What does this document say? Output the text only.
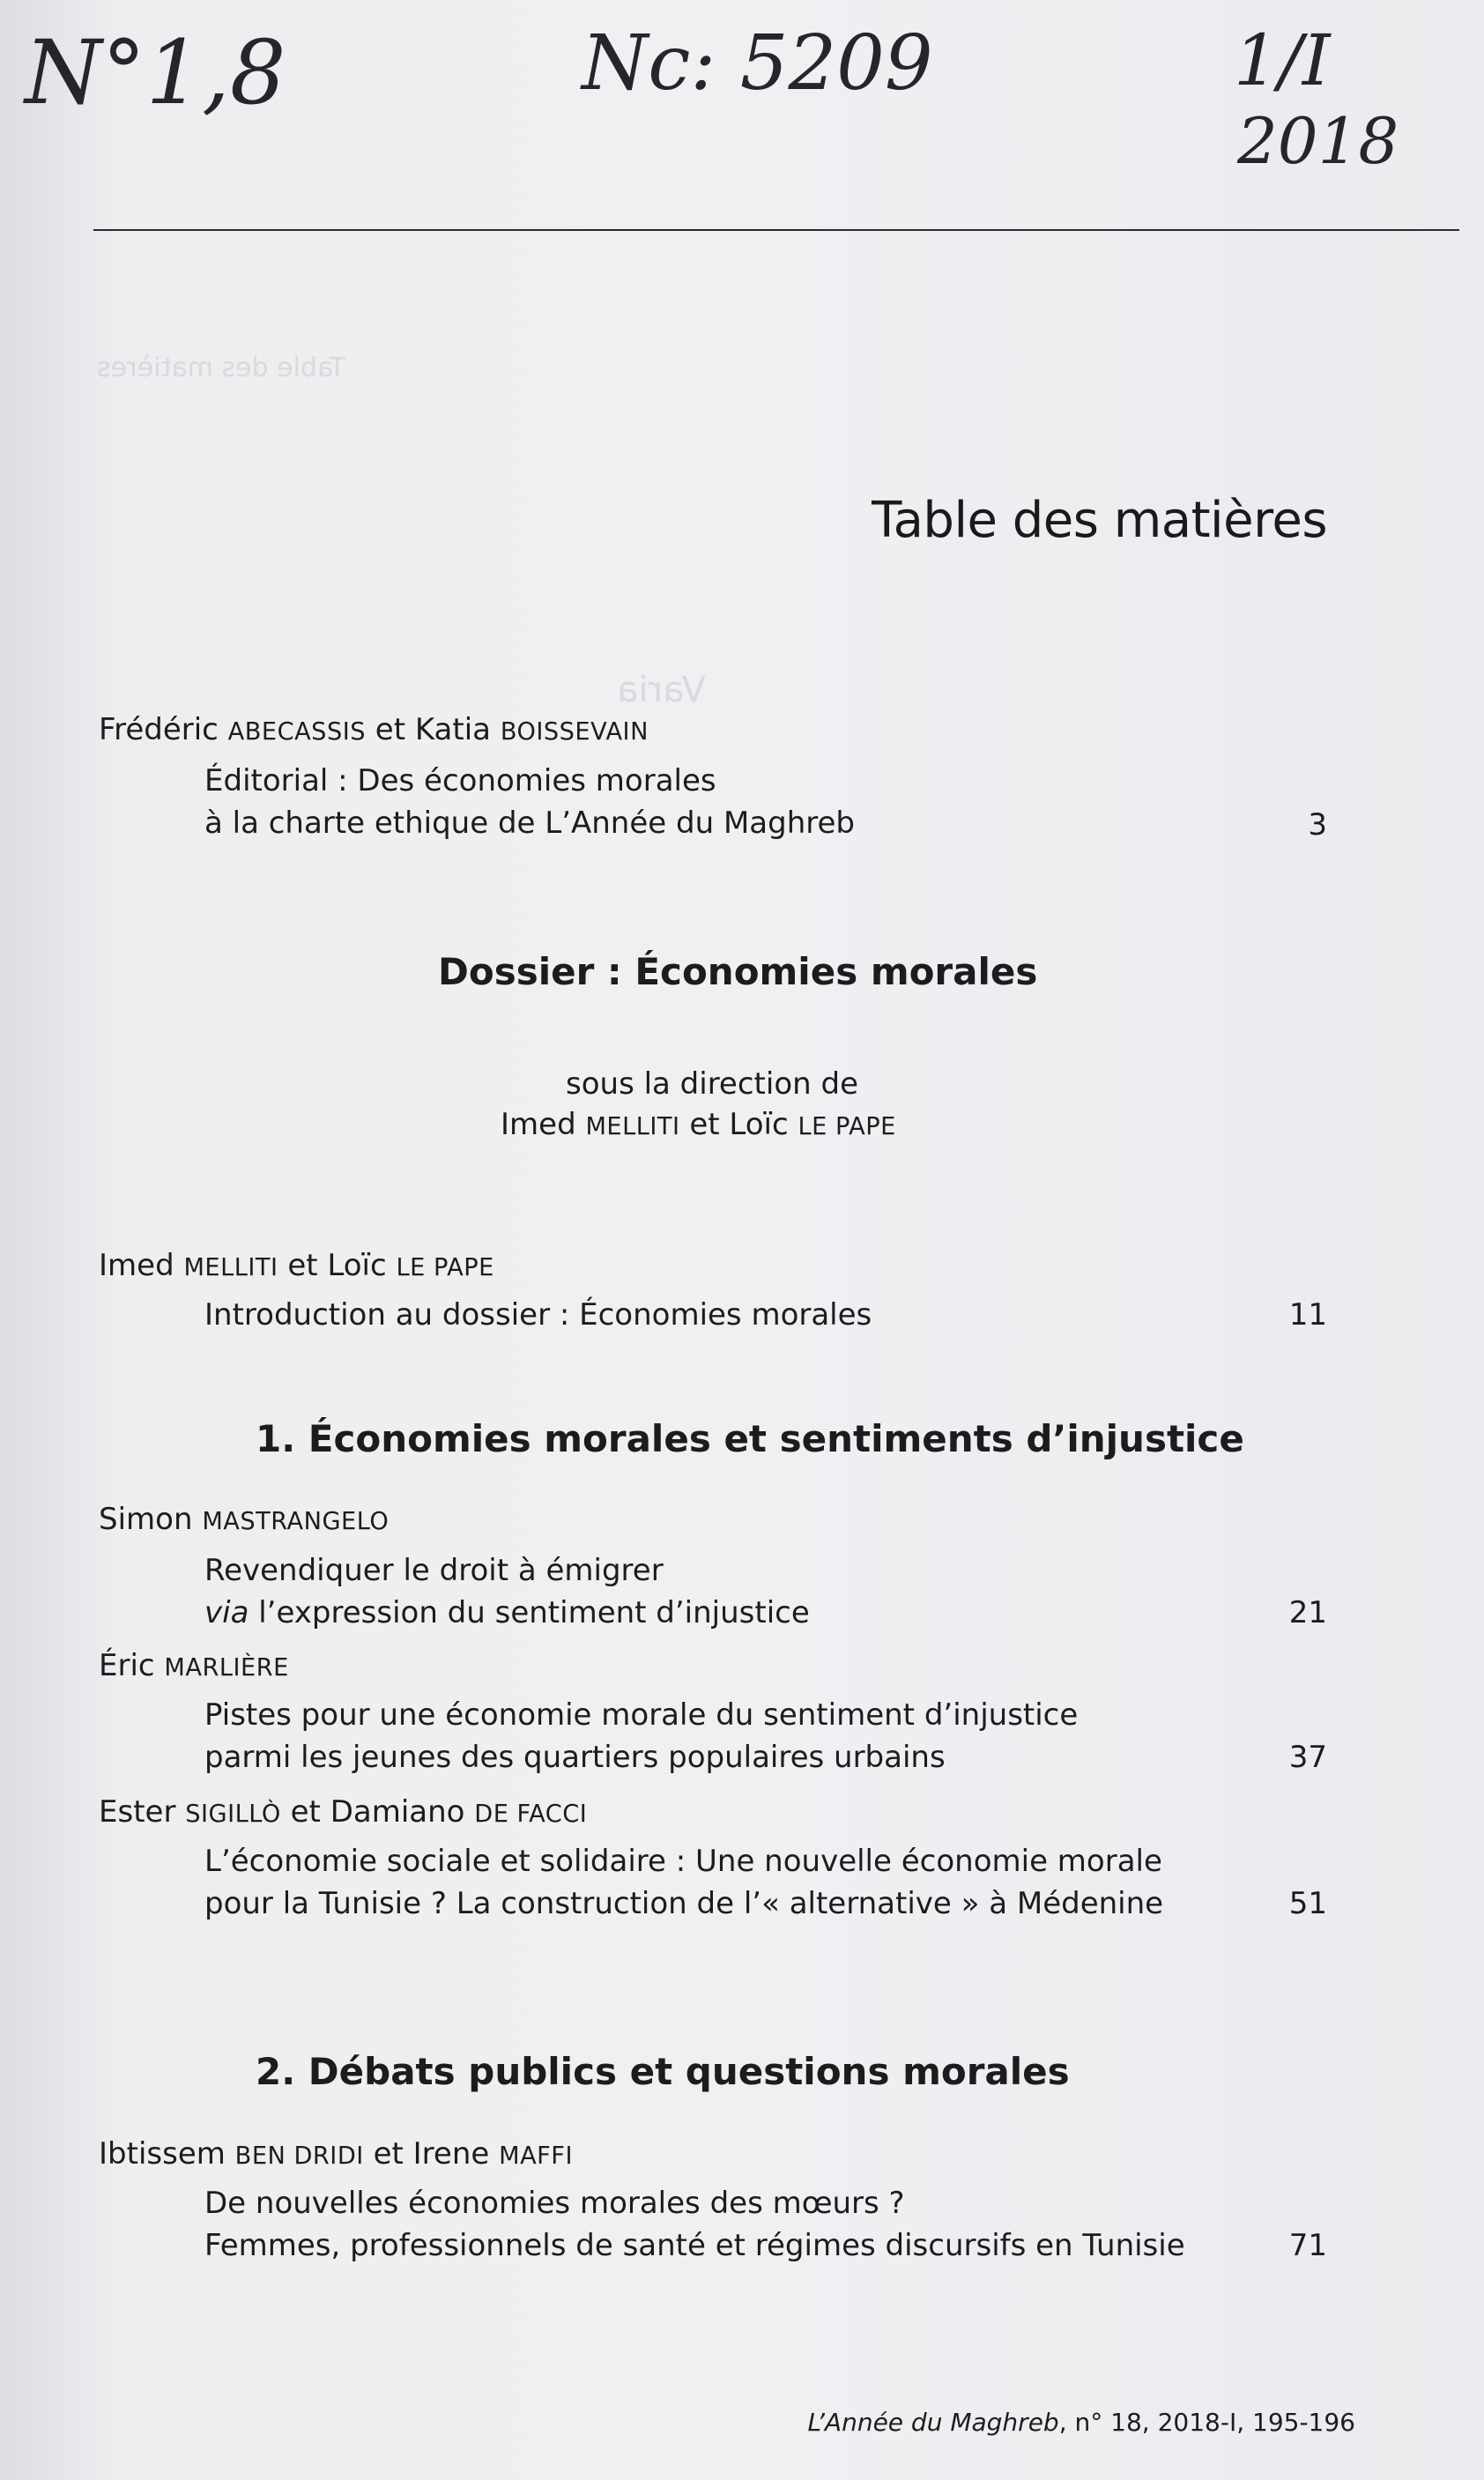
Table des matières
Varia
N°1,8	Nc: 5209	1/I
2018
Table des matières
Frédéric ABECASSIS et Katia BOISSEVAIN
Éditorial : Des économies morales
à la charte ethique de L’Année du Maghreb	3
Dossier : Économies morales
sous la direction de
Imed MELLITI et Loïc LE PAPE
Imed MELLITI et Loïc LE PAPE
Introduction au dossier : Économies morales	11
1. Économies morales et sentiments d’injustice
Simon MASTRANGELO
Revendiquer le droit à émigrer
via l’expression du sentiment d’injustice	21
Éric MARLIÈRE
Pistes pour une économie morale du sentiment d’injustice
parmi les jeunes des quartiers populaires urbains	37
Ester SIGILLÒ et Damiano DE FACCI
L’économie sociale et solidaire : Une nouvelle économie morale
pour la Tunisie ? La construction de l’« alternative » à Médenine	51
2. Débats publics et questions morales
Ibtissem BEN DRIDI et Irene MAFFI
De nouvelles économies morales des mœurs ?
Femmes, professionnels de santé et régimes discursifs en Tunisie	71
L’Année du Maghreb, n° 18, 2018-I, 195-196
